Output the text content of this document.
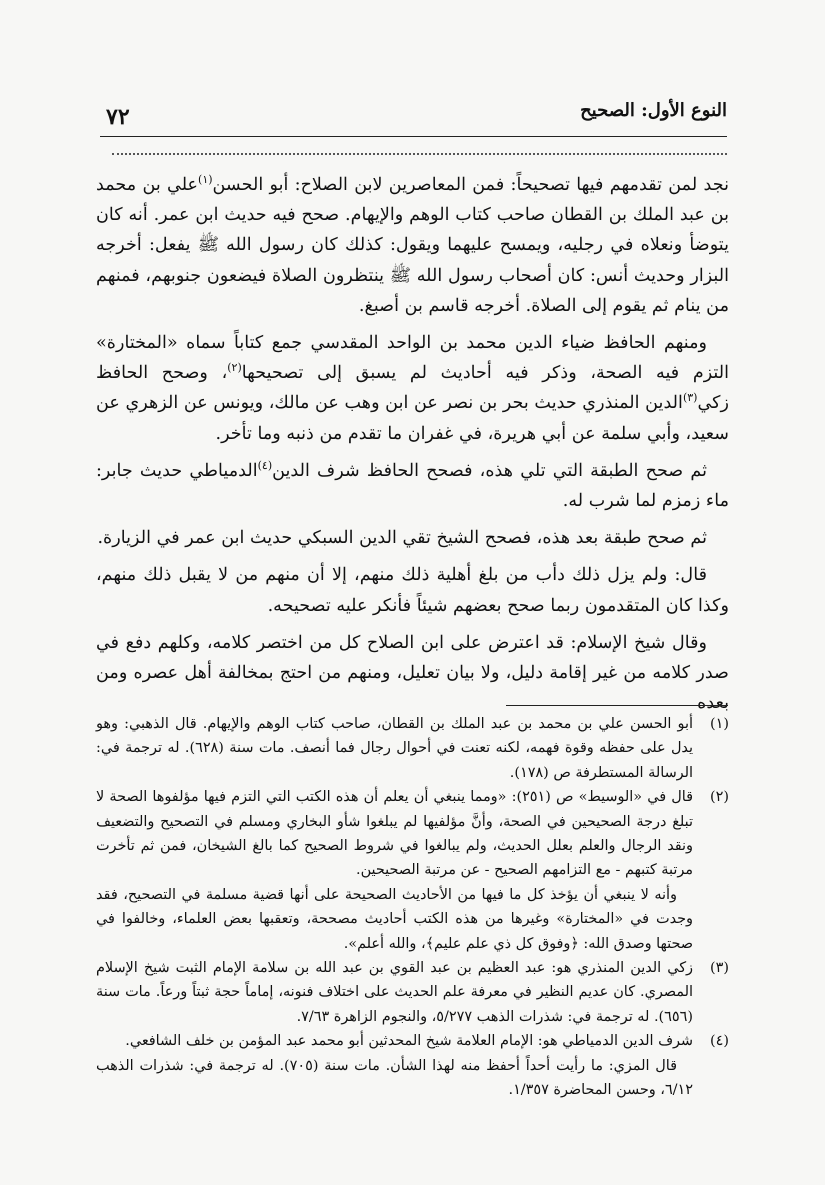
النوع الأول: الصحيح
٧٢

نجد لمن تقدمهم فيها تصحيحاً: فمن المعاصرين لابن الصلاح: أبو الحسن$^{(١)}$علي بن محمد بن عبد الملك بن القطان صاحب كتاب الوهم والإيهام. صحح فيه حديث ابن عمر. أنه كان يتوضأ ونعلاه في رجليه، ويمسح عليهما ويقول: كذلك كان رسول الله ﷺ يفعل: أخرجه البزار وحديث أنس: كان أصحاب رسول الله ﷺ ينتظرون الصلاة فيضعون جنوبهم، فمنهم من ينام ثم يقوم إلى الصلاة. أخرجه قاسم بن أصبغ.

ومنهم الحافظ ضياء الدين محمد بن الواحد المقدسي جمع كتاباً سماه «المختارة» التزم فيه الصحة، وذكر فيه أحاديث لم يسبق إلى تصحيحها$^{(٢)}$، وصحح الحافظ زكي$^{(٣)}$الدين المنذري حديث بحر بن نصر عن ابن وهب عن مالك، ويونس عن الزهري عن سعيد، وأبي سلمة عن أبي هريرة، في غفران ما تقدم من ذنبه وما تأخر.

ثم صحح الطبقة التي تلي هذه، فصحح الحافظ شرف الدين$^{(٤)}$الدمياطي حديث جابر: ماء زمزم لما شرب له.

ثم صحح طبقة بعد هذه، فصحح الشيخ تقي الدين السبكي حديث ابن عمر في الزيارة.

قال: ولم يزل ذلك دأب من بلغ أهلية ذلك منهم، إلا أن منهم من لا يقبل ذلك منهم، وكذا كان المتقدمون ربما صحح بعضهم شيئاً فأنكر عليه تصحيحه.

وقال شيخ الإسلام: قد اعترض على ابن الصلاح كل من اختصر كلامه، وكلهم دفع في صدر كلامه من غير إقامة دليل، ولا بيان تعليل، ومنهم من احتج بمخالفة أهل عصره ومن بعده

(١)

أبو الحسن علي بن محمد بن عبد الملك بن القطان، صاحب كتاب الوهم والإيهام. قال الذهبي: وهو يدل على حفظه وقوة فهمه، لكنه تعنت في أحوال رجال فما أنصف. مات سنة (٦٢٨). له ترجمة في: الرسالة المستطرفة ص (١٧٨).

(٢)

قال في «الوسيط» ص (٢٥١): «ومما ينبغي أن يعلم أن هذه الكتب التي التزم فيها مؤلفوها الصحة لا تبلغ درجة الصحيحين في الصحة، وأنَّ مؤلفيها لم يبلغوا شأو البخاري ومسلم في التصحيح والتضعيف ونقد الرجال والعلم بعلل الحديث، ولم يبالغوا في شروط الصحيح كما بالغ الشيخان، فمن ثم تأخرت مرتبة كتبهم - مع التزامهم الصحيح - عن مرتبة الصحيحين.

وأنه لا ينبغي أن يؤخذ كل ما فيها من الأحاديث الصحيحة على أنها قضية مسلمة في التصحيح، فقد وجدت في «المختارة» وغيرها من هذه الكتب أحاديث مصححة، وتعقبها بعض العلماء، وخالفوا في صحتها وصدق الله: ﴿وفوق كل ذي علم عليم﴾، والله أعلم».

(٣)

زكي الدين المنذري هو: عبد العظيم بن عبد القوي بن عبد الله بن سلامة الإمام الثبت شيخ الإسلام المصري. كان عديم النظير في معرفة علم الحديث على اختلاف فنونه، إماماً حجة ثبتاً ورعاً. مات سنة (٦٥٦). له ترجمة في: شذرات الذهب ٥/٢٧٧، والنجوم الزاهرة ٧/٦٣.

(٤)

شرف الدين الدمياطي هو: الإمام العلامة شيخ المحدثين أبو محمد عبد المؤمن بن خلف الشافعي.

قال المزي: ما رأيت أحداً أحفظ منه لهذا الشأن. مات سنة (٧٠٥). له ترجمة في: شذرات الذهب ٦/١٢، وحسن المحاضرة ١/٣٥٧.
